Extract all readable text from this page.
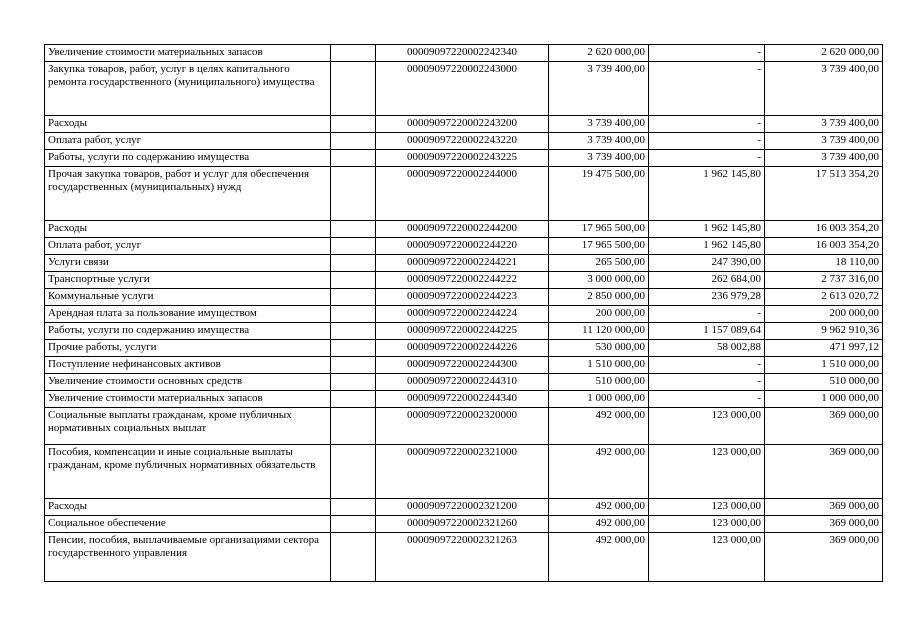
Увеличение стоимости материальных запасов		00009097220002242340	2 620 000,00	-	2 620 000,00
Закупка товаров, работ, услуг в целях капитального ремонта государственного (муниципального) имущества		00009097220002243000	3 739 400,00	-	3 739 400,00
Расходы		00009097220002243200	3 739 400,00	-	3 739 400,00
Оплата работ, услуг		00009097220002243220	3 739 400,00	-	3 739 400,00
Работы, услуги по содержанию имущества		00009097220002243225	3 739 400,00	-	3 739 400,00
Прочая закупка товаров, работ и услуг для обеспечения государственных (муниципальных) нужд		00009097220002244000	19 475 500,00	1 962 145,80	17 513 354,20
Расходы		00009097220002244200	17 965 500,00	1 962 145,80	16 003 354,20
Оплата работ, услуг		00009097220002244220	17 965 500,00	1 962 145,80	16 003 354,20
Услуги связи		00009097220002244221	265 500,00	247 390,00	18 110,00
Транспортные услуги		00009097220002244222	3 000 000,00	262 684,00	2 737 316,00
Коммунальные услуги		00009097220002244223	2 850 000,00	236 979,28	2 613 020,72
Арендная плата за пользование имуществом		00009097220002244224	200 000,00	-	200 000,00
Работы, услуги по содержанию имущества		00009097220002244225	11 120 000,00	1 157 089,64	9 962 910,36
Прочие работы, услуги		00009097220002244226	530 000,00	58 002,88	471 997,12
Поступление нефинансовых активов		00009097220002244300	1 510 000,00	-	1 510 000,00
Увеличение стоимости основных средств		00009097220002244310	510 000,00	-	510 000,00
Увеличение стоимости материальных запасов		00009097220002244340	1 000 000,00	-	1 000 000,00
Социальные выплаты гражданам, кроме публичных нормативных социальных выплат		00009097220002320000	492 000,00	123 000,00	369 000,00
Пособия, компенсации и иные социальные выплаты гражданам, кроме публичных нормативных обязательств		00009097220002321000	492 000,00	123 000,00	369 000,00
Расходы		00009097220002321200	492 000,00	123 000,00	369 000,00
Социальное обеспечение		00009097220002321260	492 000,00	123 000,00	369 000,00
Пенсии, пособия, выплачиваемые организациями сектора государственного управления		00009097220002321263	492 000,00	123 000,00	369 000,00
